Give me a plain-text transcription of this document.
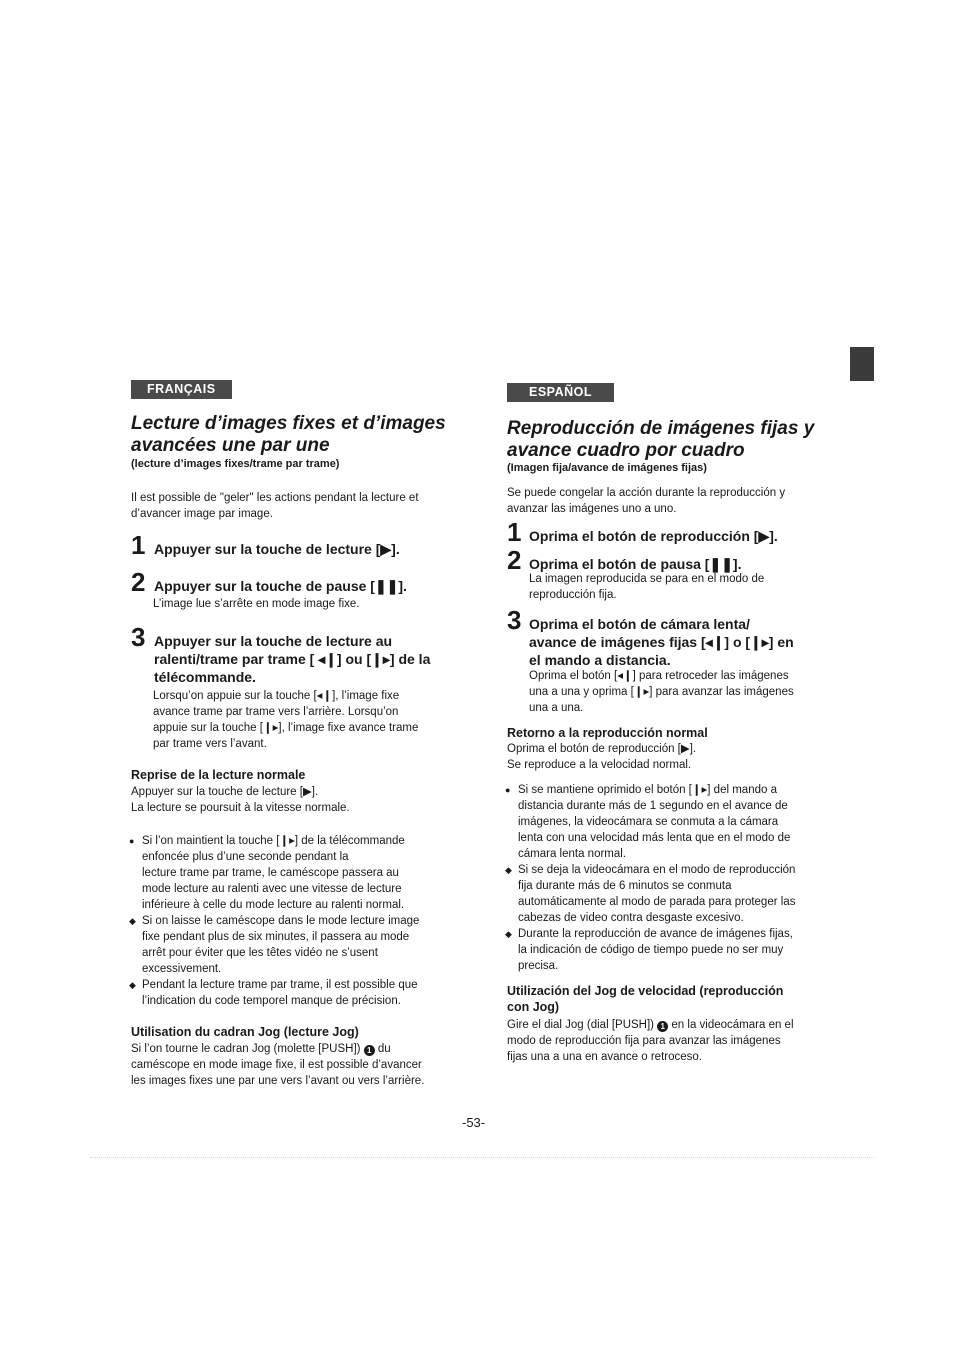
FRANÇAIS
Lecture d’images fixes et d’images
avancées une par une
(lecture d’images fixes/trame par trame)
Il est possible de "geler" les actions pendant la lecture et
d’avancer image par image.
1 Appuyer sur la touche de lecture [▶].
2 Appuyer sur la touche de pause [❚❚].
L’image lue s’arrête en mode image fixe.
3 Appuyer sur la touche de lecture au
ralenti/trame par trame [ ◂❙] ou [❙▸] de la
télécommande.
Lorsqu’on appuie sur la touche [◂❙], l’image fixe
avance trame par trame vers l’arrière. Lorsqu’on
appuie sur la touche [❙▸], l’image fixe avance trame
par trame vers l’avant.
Reprise de la lecture normale
Appuyer sur la touche de lecture [▶].
La lecture se poursuit à la vitesse normale.
● Si l’on maintient la touche [❙▸] de la télécommande
enfoncée plus d’une seconde pendant la
lecture trame par trame, le caméscope passera au
mode lecture au ralenti avec une vitesse de lecture
inférieure à celle du mode lecture au ralenti normal.
◆ Si on laisse le caméscope dans le mode lecture image
fixe pendant plus de six minutes, il passera au mode
arrêt pour éviter que les têtes vidéo ne s’usent
excessivement.
◆ Pendant la lecture trame par trame, il est possible que
l’indication du code temporel manque de précision.
Utilisation du cadran Jog (lecture Jog)
Si l’on tourne le cadran Jog (molette [PUSH]) 1 du
caméscope en mode image fixe, il est possible d’avancer
les images fixes une par une vers l’avant ou vers l’arrière.
ESPAÑOL
Reproducción de imágenes fijas y
avance cuadro por cuadro
(Imagen fija/avance de imágenes fijas)
Se puede congelar la acción durante la reproducción y
avanzar las imágenes uno a uno.
1 Oprima el botón de reproducción [▶].
2 Oprima el botón de pausa [❚❚].
La imagen reproducida se para en el modo de
reproducción fija.
3 Oprima el botón de cámara lenta/
avance de imágenes fijas [◂❙] o [❙▸] en
el mando a distancia.
Oprima el botón [◂❙] para retroceder las imágenes
una a una y oprima [❙▸] para avanzar las imágenes
una a una.
Retorno a la reproducción normal
Oprima el botón de reproducción [▶].
Se reproduce a la velocidad normal.
● Si se mantiene oprimido el botón [❙▸] del mando a
distancia durante más de 1 segundo en el avance de
imágenes, la videocámara se conmuta a la cámara
lenta con una velocidad más lenta que en el modo de
cámara lenta normal.
◆ Si se deja la videocámara en el modo de reproducción
fija durante más de 6 minutos se conmuta
automáticamente al modo de parada para proteger las
cabezas de video contra desgaste excesivo.
◆ Durante la reproducción de avance de imágenes fijas,
la indicación de código de tiempo puede no ser muy
precisa.
Utilización del Jog de velocidad (reproducción
con Jog)
Gire el dial Jog (dial [PUSH]) 1 en la videocámara en el
modo de reproducción fija para avanzar las imágenes
fijas una a una en avance o retroceso.
-53-
